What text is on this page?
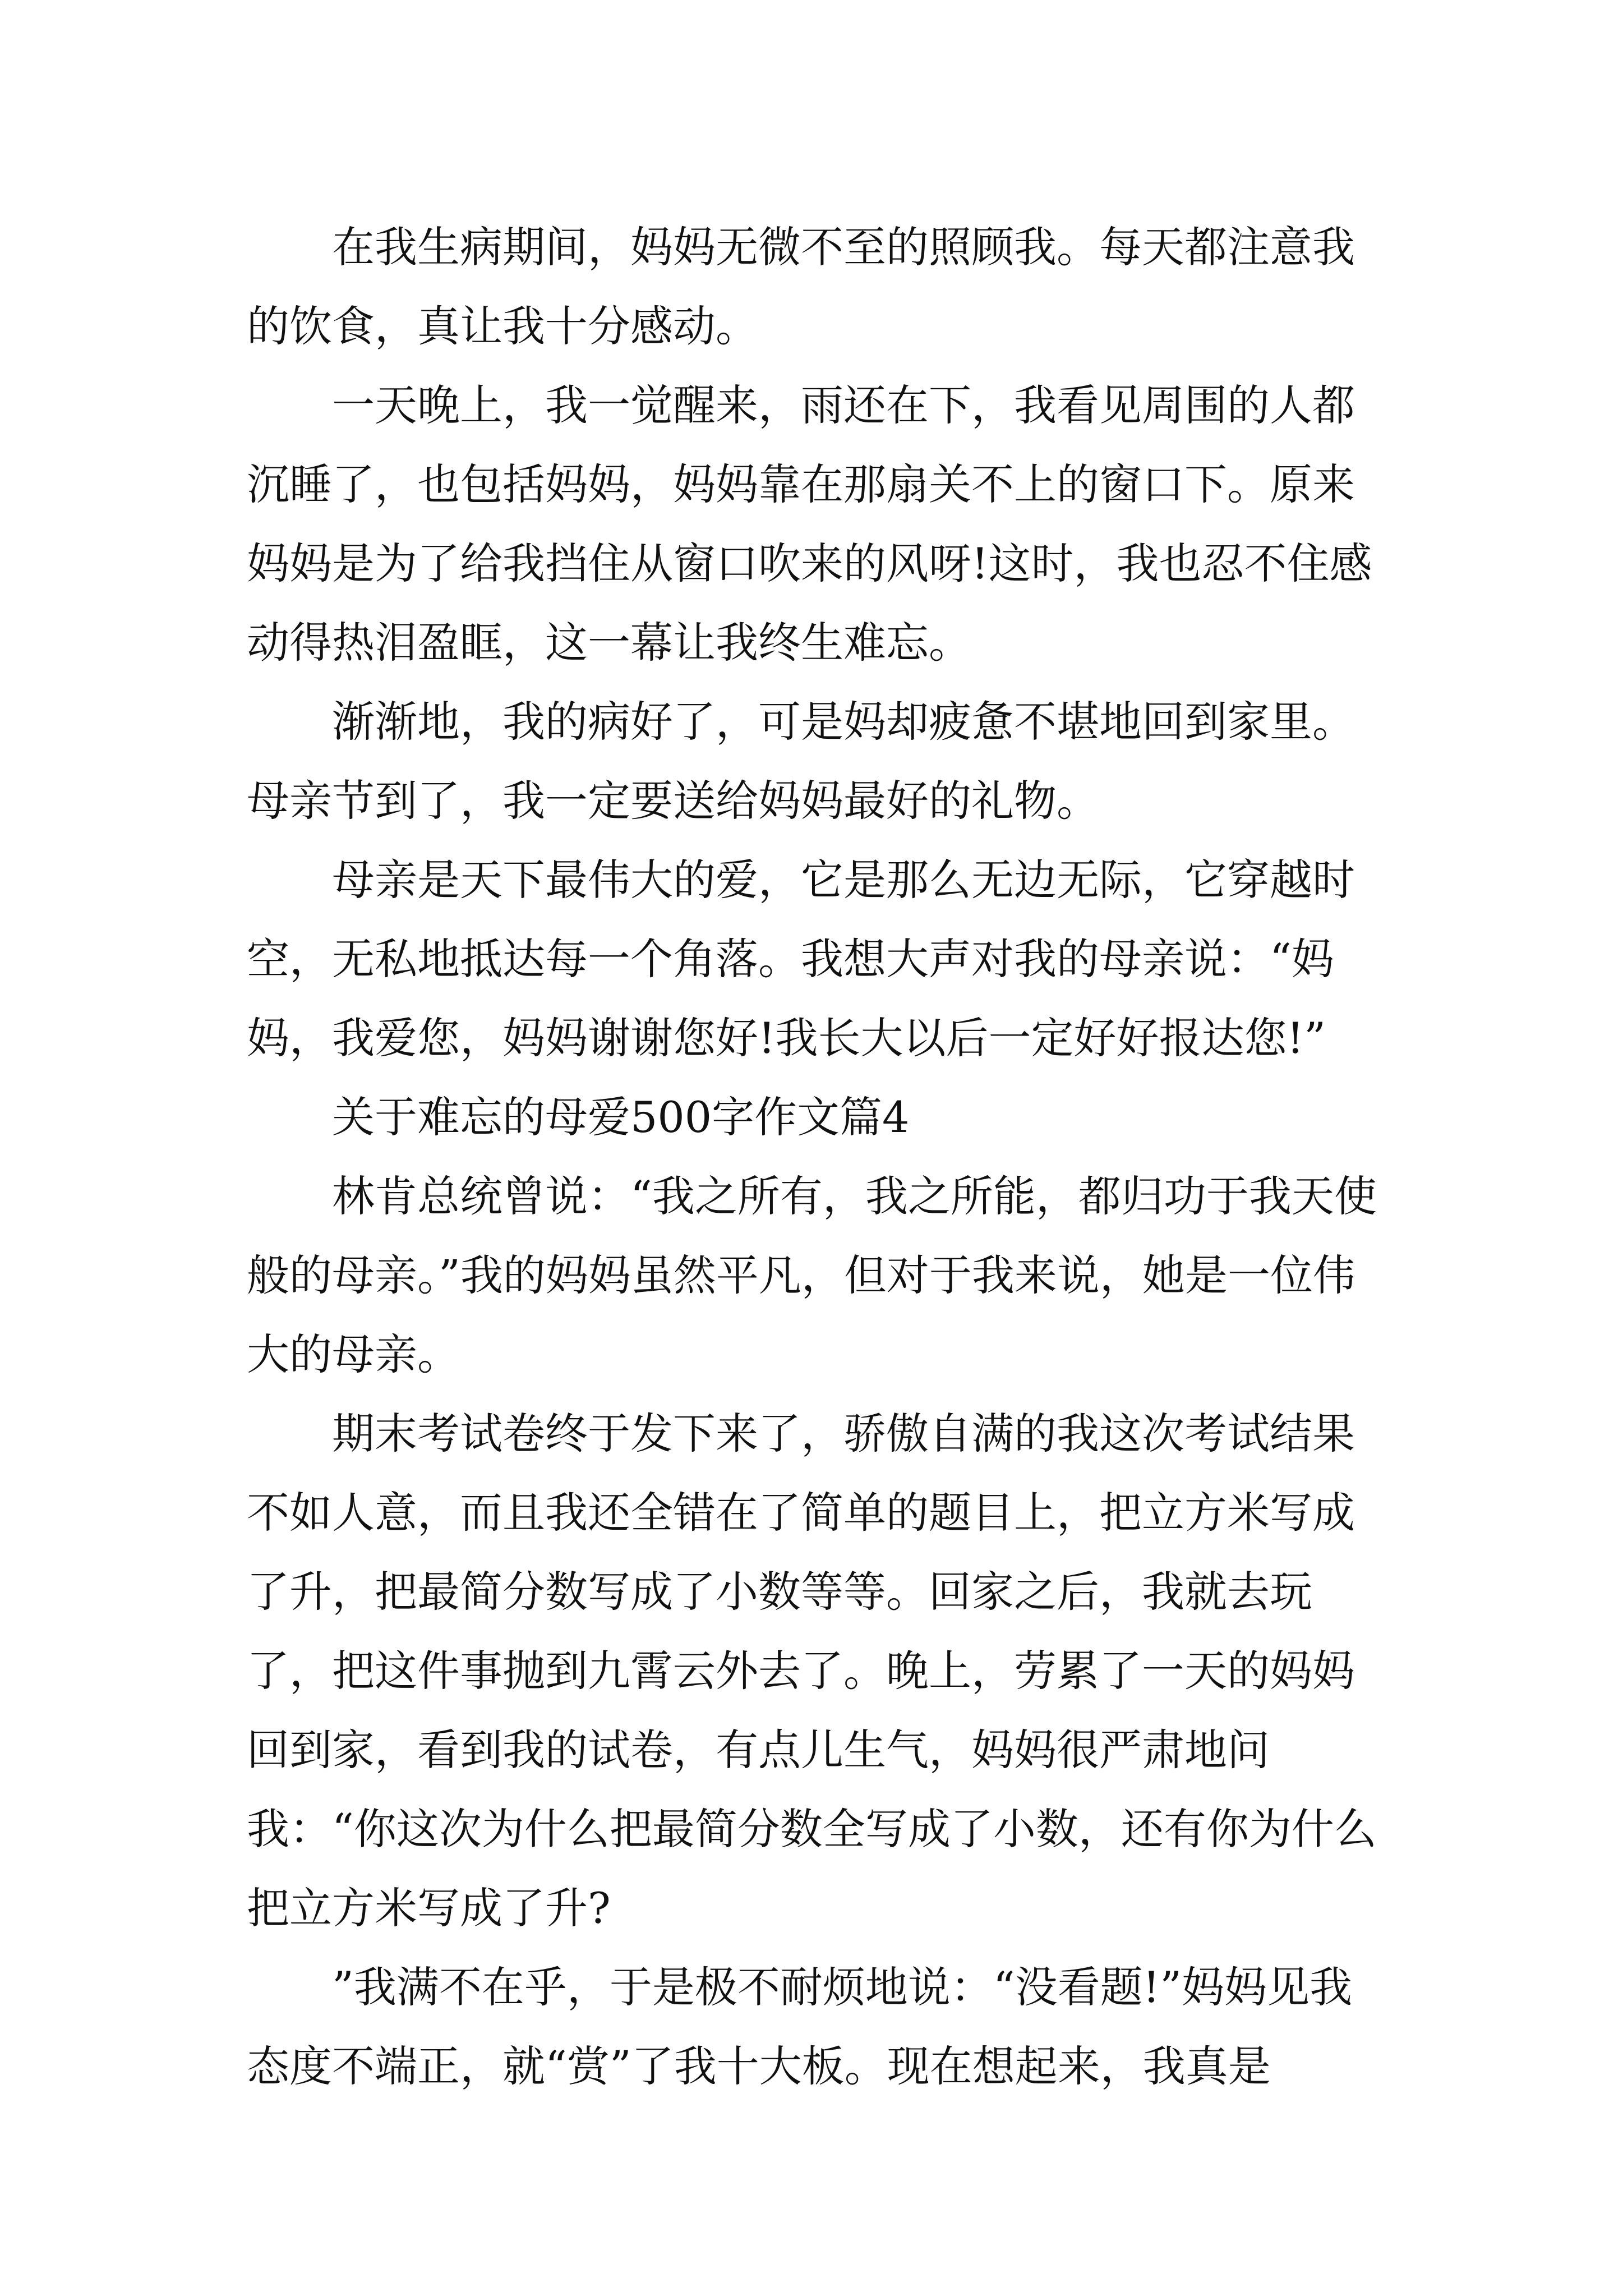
在我生病期间，妈妈无微不至的照顾我。每天都注意我的饮食，真让我十分感动。

一天晚上，我一觉醒来，雨还在下，我看见周围的人都沉睡了，也包括妈妈，妈妈靠在那扇关不上的窗口下。原来妈妈是为了给我挡住从窗口吹来的风呀!这时，我也忍不住感动得热泪盈眶，这一幕让我终生难忘。

渐渐地，我的病好了，可是妈却疲惫不堪地回到家里。母亲节到了，我一定要送给妈妈最好的礼物。

母亲是天下最伟大的爱，它是那么无边无际，它穿越时空，无私地抵达每一个角落。我想大声对我的母亲说：“妈妈，我爱您，妈妈谢谢您好!我长大以后一定好好报达您!”

关于难忘的母爱500字作文篇4

林肯总统曾说：“我之所有，我之所能，都归功于我天使般的母亲。”我的妈妈虽然平凡，但对于我来说，她是一位伟大的母亲。

期末考试卷终于发下来了，骄傲自满的我这次考试结果不如人意，而且我还全错在了简单的题目上，把立方米写成了升，把最简分数写成了小数等等。回家之后，我就去玩了，把这件事抛到九霄云外去了。晚上，劳累了一天的妈妈回到家，看到我的试卷，有点儿生气，妈妈很严肃地问我：“你这次为什么把最简分数全写成了小数，还有你为什么把立方米写成了升?

”我满不在乎，于是极不耐烦地说：“没看题!”妈妈见我态度不端正，就“赏”了我十大板。现在想起来，我真是
